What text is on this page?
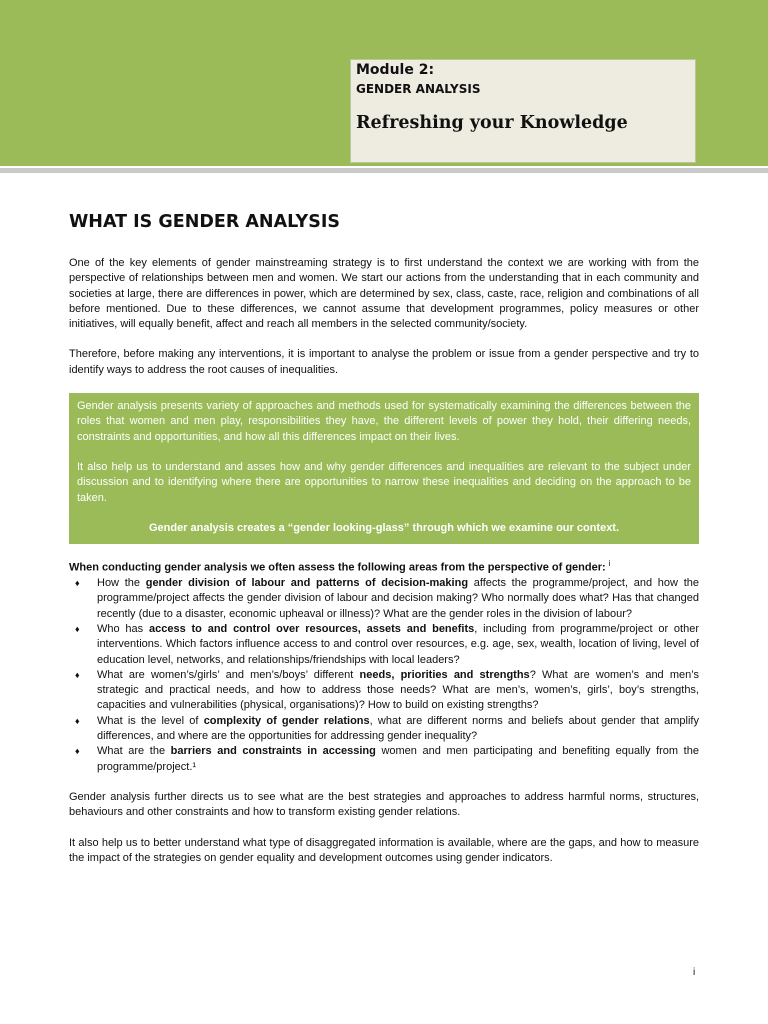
Module 2:

GENDER ANALYSIS

Refreshing your Knowledge

WHAT IS GENDER ANALYSIS

One of the key elements of gender mainstreaming strategy is to first understand the context we are working with from the perspective of relationships between men and women. We start our actions from the understanding that in each community and societies at large, there are differences in power, which are determined by sex, class, caste, race, religion and combinations of all before mentioned. Due to these differences, we cannot assume that development programmes, policy measures or other initiatives, will equally benefit, affect and reach all members in the selected community/society.

Therefore, before making any interventions, it is important to analyse the problem or issue from a gender perspective and try to identify ways to address the root causes of inequalities.

Gender analysis presents variety of approaches and methods used for systematically examining the differences between the roles that women and men play, responsibilities they have, the different levels of power they hold, their differing needs, constraints and opportunities, and how all this differences impact on their lives.

It also help us to understand and asses how and why gender differences and inequalities are relevant to the subject under discussion and to identifying where there are opportunities to narrow these inequalities and deciding on the approach to be taken.

Gender analysis creates a “gender looking-glass” through which we examine our context.

When conducting gender analysis we often assess the following areas from the perspective of gender: $^i$

♦ How the gender division of labour and patterns of decision-making affects the programme/project, and how the programme/project affects the gender division of labour and decision making? Who normally does what? Has that changed recently (due to a disaster, economic upheaval or illness)? What are the gender roles in the division of labour?
♦ Who has access to and control over resources, assets and benefits, including from programme/project or other interventions. Which factors influence access to and control over resources, e.g. age, sex, wealth, location of living, level of education level, networks, and relationships/friendships with local leaders?
♦ What are women’s/girls’ and men’s/boys’ different needs, priorities and strengths? What are women’s and men’s strategic and practical needs, and how to address those needs? What are men’s, women’s, girls’, boy’s strengths, capacities and vulnerabilities (physical, organisations)? How to build on existing strengths?
♦ What is the level of complexity of gender relations, what are different norms and beliefs about gender that amplify differences, and where are the opportunities for addressing gender inequality?
♦ What are the barriers and constraints in accessing women and men participating and benefiting equally from the programme/project.¹

Gender analysis further directs us to see what are the best strategies and approaches to address harmful norms, structures, behaviours and other constraints and how to transform existing gender relations.

It also help us to better understand what type of disaggregated information is available, where are the gaps, and how to measure the impact of the strategies on gender equality and development outcomes using gender indicators.

i
